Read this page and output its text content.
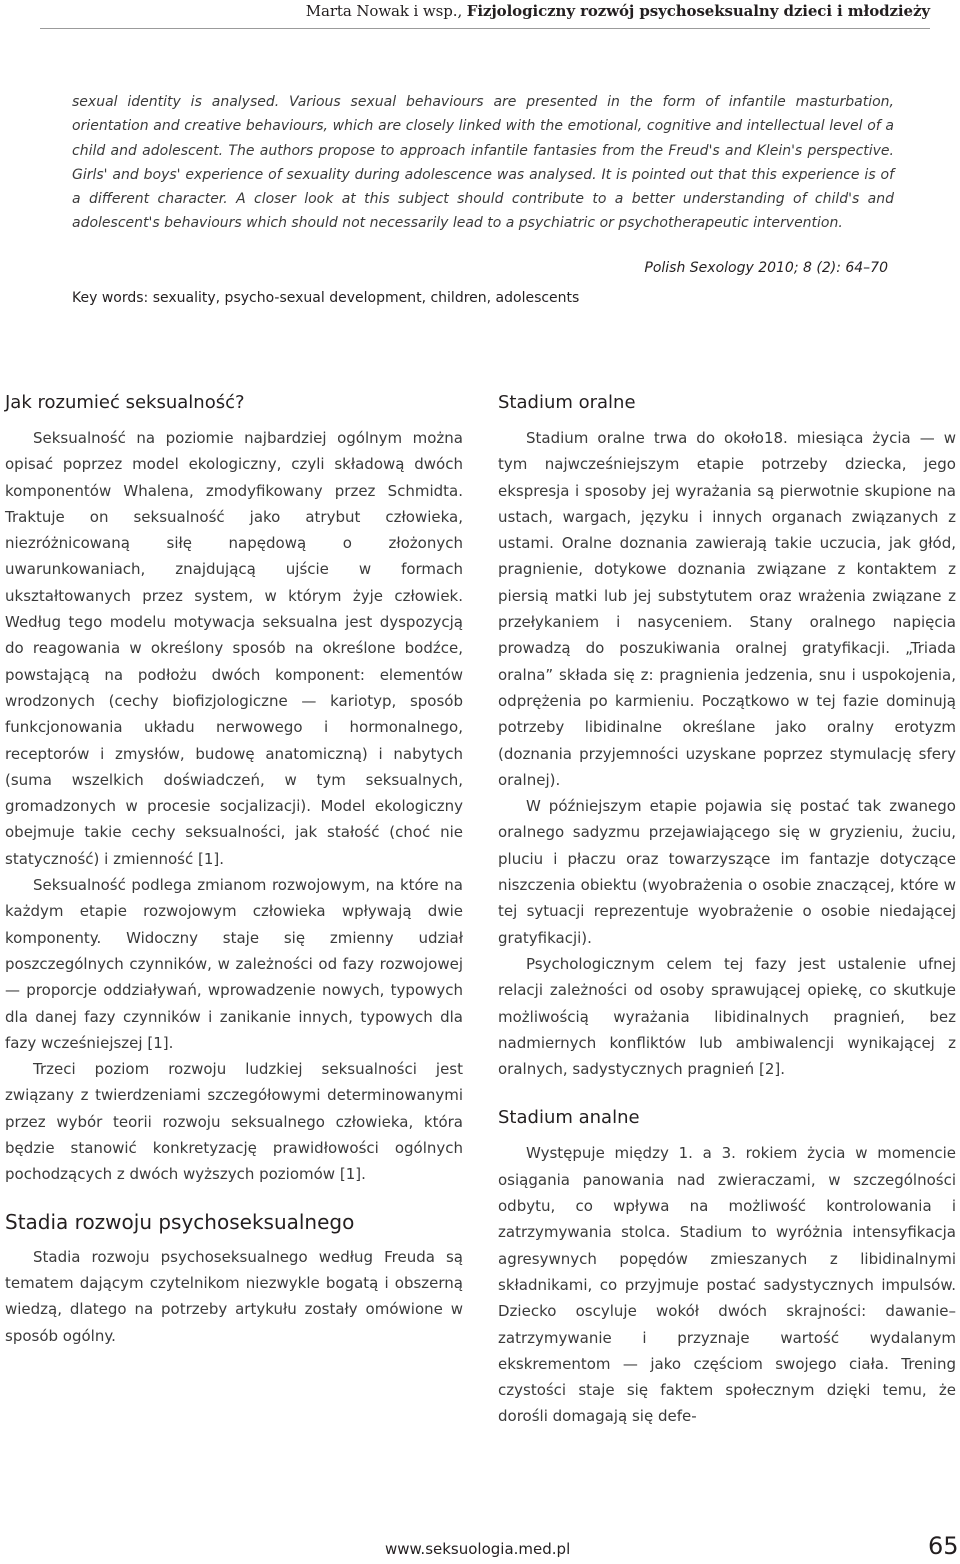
Marta Nowak i wsp., Fizjologiczny rozwój psychoseksualny dzieci i młodzieży

sexual identity is analysed. Various sexual behaviours are presented in the form of infantile masturbation, orientation and creative behaviours, which are closely linked with the emotional, cognitive and intellectual level of a child and adolescent. The authors propose to approach infantile fantasies from the Freud's and Klein's perspective. Girls' and boys' experience of sexuality during adolescence was analysed. It is pointed out that this experience is of a different character. A closer look at this subject should contribute to a better understanding of child's and adolescent's behaviours which should not necessarily lead to a psychiatric or psychotherapeutic intervention.

Polish Sexology 2010; 8 (2): 64–70
Key words: sexuality, psycho-sexual development, children, adolescents
Jak rozumieć seksualność?

Seksualność na poziomie najbardziej ogólnym można opisać poprzez model ekologiczny, czyli składową dwóch komponentów Whalena, zmodyfikowany przez Schmidta. Traktuje on seksualność jako atrybut człowieka, niezróżnicowaną siłę napędową o złożonych uwarunkowaniach, znajdującą ujście w formach ukształtowanych przez system, w którym żyje człowiek. Według tego modelu motywacja seksualna jest dyspozycją do reagowania w określony sposób na określone bodźce, powstającą na podłożu dwóch komponent: elementów wrodzonych (cechy biofizjologiczne — kariotyp, sposób funkcjonowania układu nerwowego i hormonalnego, receptorów i zmysłów, budowę anatomiczną) i nabytych (suma wszelkich doświadczeń, w tym seksualnych, gromadzonych w procesie socjalizacji). Model ekologiczny obejmuje takie cechy seksualności, jak stałość (choć nie statyczność) i zmienność [1].

Seksualność podlega zmianom rozwojowym, na które na każdym etapie rozwojowym człowieka wpływają dwie komponenty. Widoczny staje się zmienny udział poszczególnych czynników, w zależności od fazy rozwojowej — proporcje oddziaływań, wprowadzenie nowych, typowych dla danej fazy czynników i zanikanie innych, typowych dla fazy wcześniejszej [1].

Trzeci poziom rozwoju ludzkiej seksualności jest związany z twierdzeniami szczegółowymi determinowanymi przez wybór teorii rozwoju seksualnego człowieka, która będzie stanowić konkretyzację prawidłowości ogólnych pochodzących z dwóch wyższych poziomów [1].

Stadia rozwoju psychoseksualnego

Stadia rozwoju psychoseksualnego według Freuda są tematem dającym czytelnikom niezwykle bogatą i obszerną wiedzą, dlatego na potrzeby artykułu zostały omówione w sposób ogólny.

Stadium oralne

Stadium oralne trwa do około18. miesiąca życia — w tym najwcześniejszym etapie potrzeby dziecka, jego ekspresja i sposoby jej wyrażania są pierwotnie skupione na ustach, wargach, języku i innych organach związanych z ustami. Oralne doznania zawierają takie uczucia, jak głód, pragnienie, dotykowe doznania związane z kontaktem z piersią matki lub jej substytutem oraz wrażenia związane z przełykaniem i nasyceniem. Stany oralnego napięcia prowadzą do poszukiwania oralnej gratyfikacji. „Triada oralna” składa się z: pragnienia jedzenia, snu i uspokojenia, odprężenia po karmieniu. Początkowo w tej fazie dominują potrzeby libidinalne określane jako oralny erotyzm (doznania przyjemności uzyskane poprzez stymulację sfery oralnej).

W późniejszym etapie pojawia się postać tak zwanego oralnego sadyzmu przejawiającego się w gryzieniu, żuciu, pluciu i płaczu oraz towarzyszące im fantazje dotyczące niszczenia obiektu (wyobrażenia o osobie znaczącej, które w tej sytuacji reprezentuje wyobrażenie o osobie niedającej gratyfikacji).

Psychologicznym celem tej fazy jest ustalenie ufnej relacji zależności od osoby sprawującej opiekę, co skutkuje możliwością wyrażania libidinalnych pragnień, bez nadmiernych konfliktów lub ambiwalencji wynikającej z oralnych, sadystycznych pragnień [2].

Stadium analne

Występuje między 1. a 3. rokiem życia w momencie osiągania panowania nad zwieraczami, w szczególności odbytu, co wpływa na możliwość kontrolowania i zatrzymywania stolca. Stadium to wyróżnia intensyfikacja agresywnych popędów zmieszanych z libidinalnymi składnikami, co przyjmuje postać sadystycznych impulsów. Dziecko oscyluje wokół dwóch skrajności: dawanie–zatrzymywanie i przyznaje wartość wydalanym ekskrementom — jako częściom swojego ciała. Trening czystości staje się faktem społecznym dzięki temu, że dorośli domagają się defe-

www.seksuologia.med.pl	65
